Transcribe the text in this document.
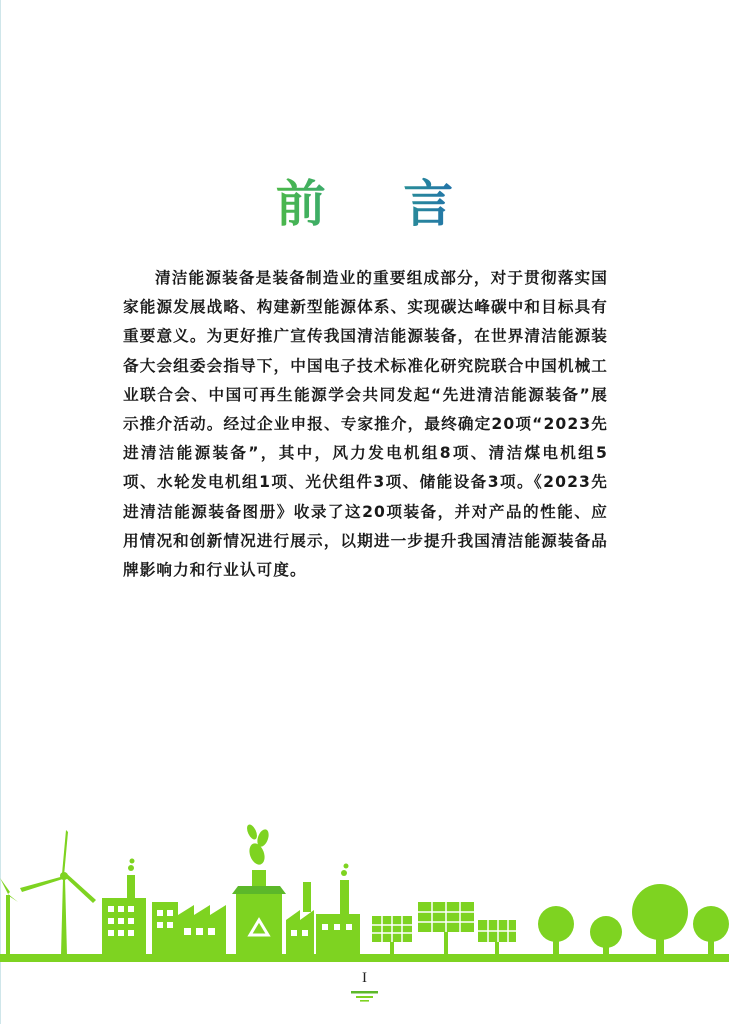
前 言

清洁能源装备是装备制造业的重要组成部分，对于贯彻落实国家能源发展战略、构建新型能源体系、实现碳达峰碳中和目标具有重要意义。为更好推广宣传我国清洁能源装备，在世界清洁能源装备大会组委会指导下，中国电子技术标准化研究院联合中国机械工业联合会、中国可再生能源学会共同发起“先进清洁能源装备”展示推介活动。经过企业申报、专家推介，最终确定20项“2023先进清洁能源装备”，其中，风力发电机组8项、清洁煤电机组5项、水轮发电机组1项、光伏组件3项、储能设备3项。《2023先进清洁能源装备图册》收录了这20项装备，并对产品的性能、应用情况和创新情况进行展示，以期进一步提升我国清洁能源装备品牌影响力和行业认可度。

I
